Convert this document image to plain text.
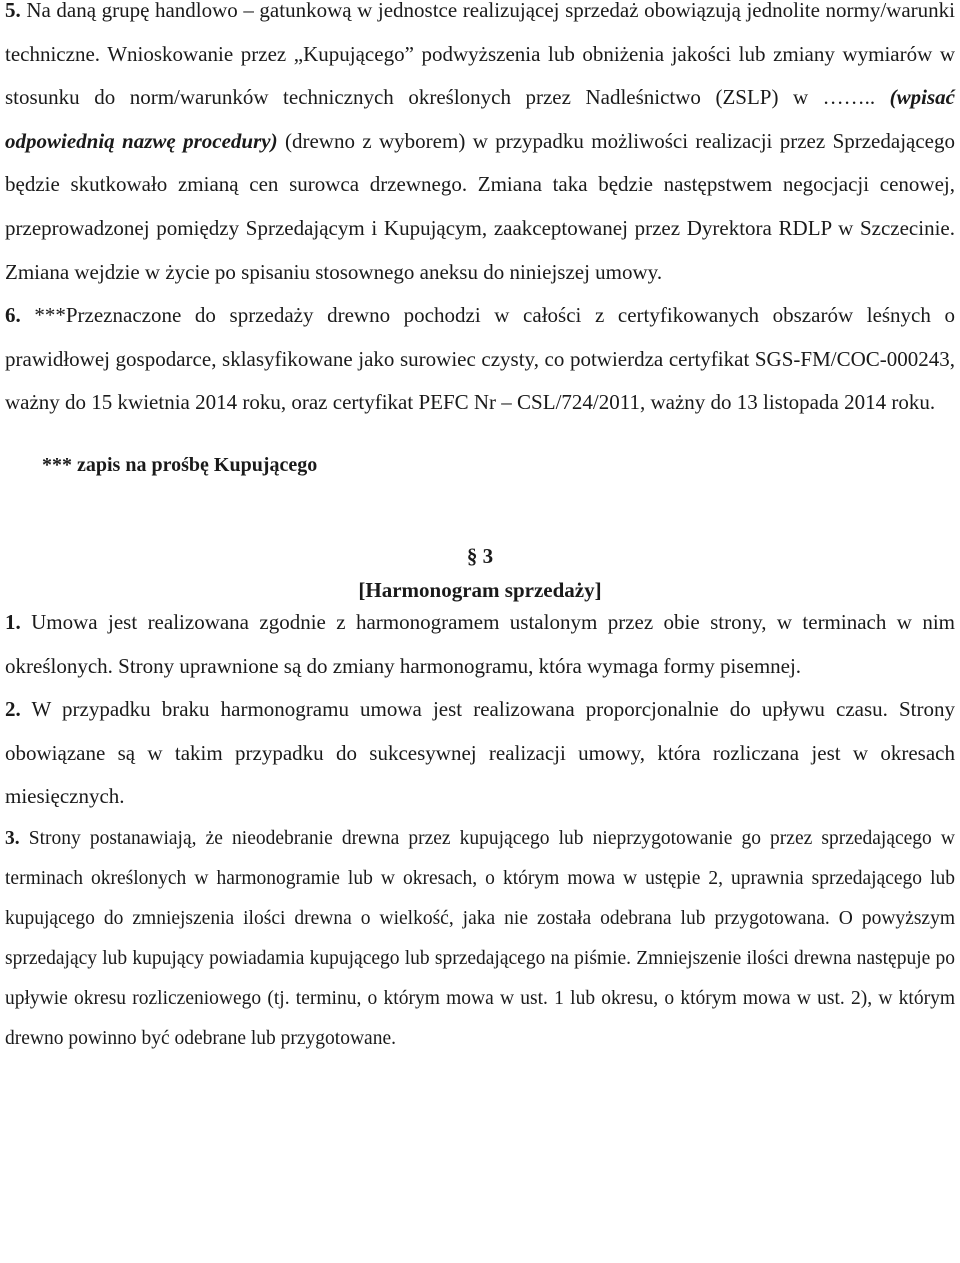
5. Na daną grupę handlowo – gatunkową w jednostce realizującej sprzedaż obowiązują jednolite normy/warunki techniczne. Wnioskowanie przez „Kupującego” podwyższenia lub obniżenia jakości lub zmiany wymiarów w stosunku do norm/warunków technicznych określonych przez Nadleśnictwo (ZSLP) w …….. (wpisać odpowiednią nazwę procedury) (drewno z wyborem) w przypadku możliwości realizacji przez Sprzedającego będzie skutkowało zmianą cen surowca drzewnego. Zmiana taka będzie następstwem negocjacji cenowej, przeprowadzonej pomiędzy Sprzedającym i Kupującym, zaakceptowanej przez Dyrektora RDLP w Szczecinie. Zmiana wejdzie w życie po spisaniu stosownego aneksu do niniejszej umowy.

6. ***Przeznaczone do sprzedaży drewno pochodzi w całości z certyfikowanych obszarów leśnych o prawidłowej gospodarce, sklasyfikowane jako surowiec czysty, co potwierdza certyfikat SGS-FM/COC-000243, ważny do 15 kwietnia 2014 roku, oraz certyfikat PEFC Nr – CSL/724/2011, ważny do 13 listopada 2014 roku.

*** zapis na prośbę Kupującego
§ 3
[Harmonogram sprzedaży]

1. Umowa jest realizowana zgodnie z harmonogramem ustalonym przez obie strony, w terminach w nim określonych. Strony uprawnione są do zmiany harmonogramu, która wymaga formy pisemnej.

2. W przypadku braku harmonogramu umowa jest realizowana proporcjonalnie do upływu czasu. Strony obowiązane są w takim przypadku do sukcesywnej realizacji umowy, która rozliczana jest w okresach miesięcznych.

3. Strony postanawiają, że nieodebranie drewna przez kupującego lub nieprzygotowanie go przez sprzedającego w terminach określonych w harmonogramie lub w okresach, o którym mowa w ustępie 2, uprawnia sprzedającego lub kupującego do zmniejszenia ilości drewna o wielkość, jaka nie została odebrana lub przygotowana. O powyższym sprzedający lub kupujący powiadamia kupującego lub sprzedającego na piśmie. Zmniejszenie ilości drewna następuje po upływie okresu rozliczeniowego (tj. terminu, o którym mowa w ust. 1 lub okresu, o którym mowa w ust. 2), w którym drewno powinno być odebrane lub przygotowane.
